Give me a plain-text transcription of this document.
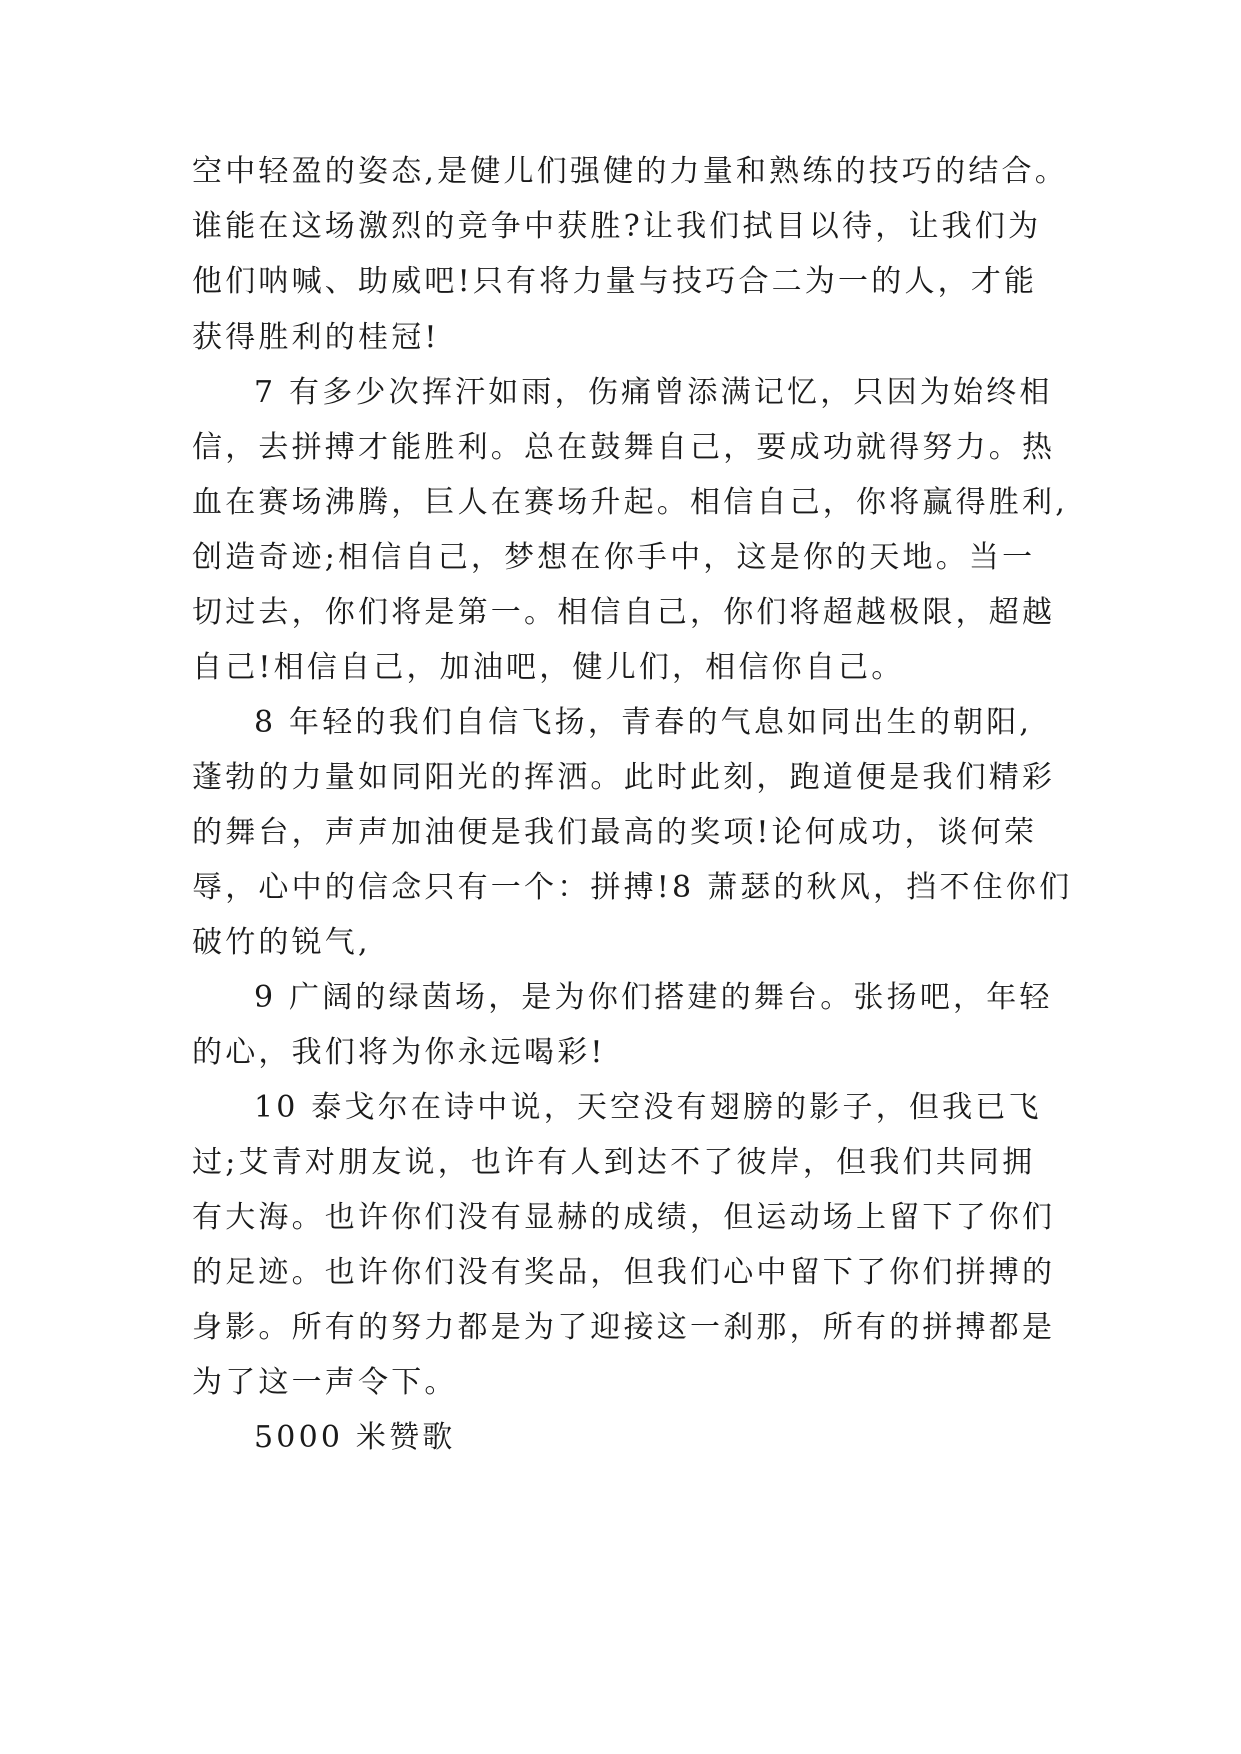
空中轻盈的姿态,是健儿们强健的力量和熟练的技巧的结合。
谁能在这场激烈的竞争中获胜?让我们拭目以待，让我们为
他们呐喊、助威吧!只有将力量与技巧合二为一的人，才能
获得胜利的桂冠!
7 有多少次挥汗如雨，伤痛曾添满记忆，只因为始终相
信，去拼搏才能胜利。总在鼓舞自己，要成功就得努力。热
血在赛场沸腾，巨人在赛场升起。相信自己，你将赢得胜利,
创造奇迹;相信自己，梦想在你手中，这是你的天地。当一
切过去，你们将是第一。相信自己，你们将超越极限，超越
自己!相信自己，加油吧，健儿们，相信你自己。
8 年轻的我们自信飞扬，青春的气息如同出生的朝阳,
蓬勃的力量如同阳光的挥洒。此时此刻，跑道便是我们精彩
的舞台，声声加油便是我们最高的奖项!论何成功，谈何荣
辱，心中的信念只有一个：拼搏!8 萧瑟的秋风，挡不住你们
破竹的锐气,
9 广阔的绿茵场，是为你们搭建的舞台。张扬吧，年轻
的心，我们将为你永远喝彩!
10 泰戈尔在诗中说，天空没有翅膀的影子，但我已飞
过;艾青对朋友说，也许有人到达不了彼岸，但我们共同拥
有大海。也许你们没有显赫的成绩，但运动场上留下了你们
的足迹。也许你们没有奖品，但我们心中留下了你们拼搏的
身影。所有的努力都是为了迎接这一刹那，所有的拼搏都是
为了这一声令下。
5000 米赞歌
